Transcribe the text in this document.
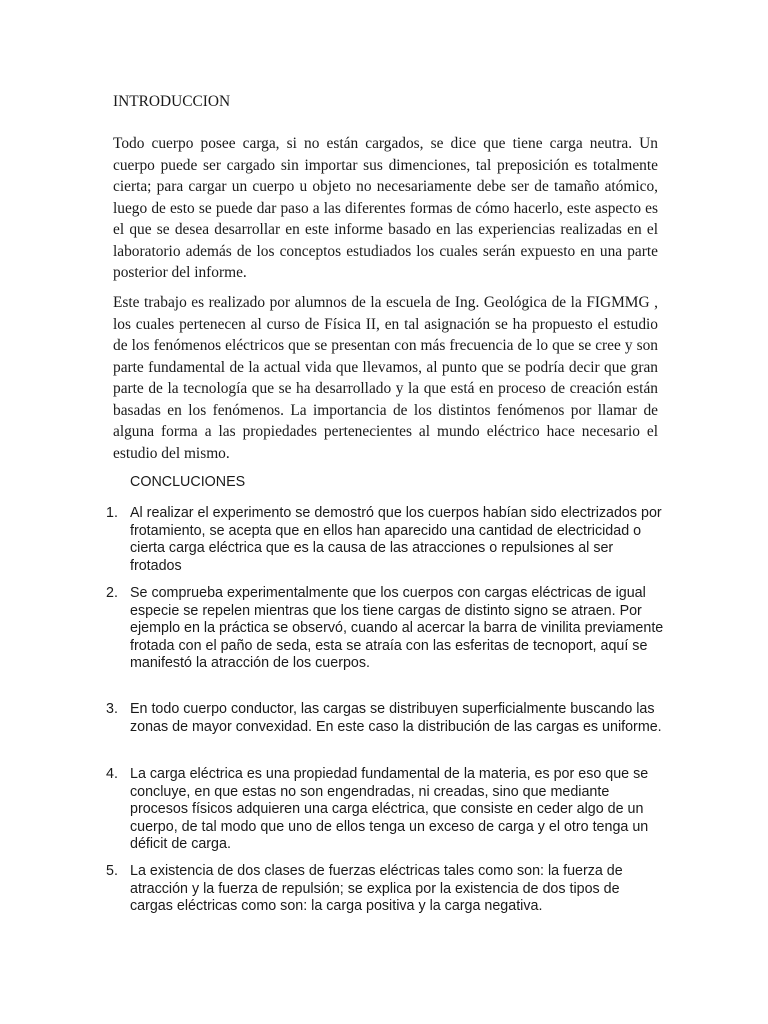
INTRODUCCION

Todo cuerpo posee carga, si no están cargados, se dice que tiene carga neutra. Un cuerpo puede ser cargado sin importar sus dimenciones, tal preposición es totalmente cierta; para cargar un cuerpo u objeto no necesariamente debe ser de tamaño atómico, luego de esto se puede dar paso a las diferentes formas de cómo hacerlo, este aspecto es el que se desea desarrollar en este informe basado en las experiencias realizadas en el laboratorio además de los conceptos estudiados los cuales serán expuesto en una parte posterior del informe.

Este trabajo es realizado por alumnos de la escuela de Ing. Geológica de la FIGMMG , los cuales pertenecen al curso de Física II, en tal asignación se ha propuesto el estudio de los fenómenos eléctricos que se presentan con más frecuencia de lo que se cree y son parte fundamental de la actual vida que llevamos, al punto que se podría decir que gran parte de la tecnología que se ha desarrollado y la que está en proceso de creación están basadas en los fenómenos. La importancia de los distintos fenómenos por llamar de alguna forma a las propiedades pertenecientes al mundo eléctrico hace necesario el estudio del mismo.

CONCLUCIONES
1. Al realizar el experimento se demostró que los cuerpos habían sido electrizados por frotamiento, se acepta que en ellos han aparecido una cantidad de electricidad o cierta carga eléctrica que es la causa de las atracciones o repulsiones al ser frotados
2. Se comprueba experimentalmente que los cuerpos con cargas eléctricas de igual especie se repelen mientras que los tiene cargas de distinto signo se atraen. Por ejemplo en la práctica se observó, cuando al acercar la barra de vinilita previamente frotada con el paño de seda, esta se atraía con las esferitas de tecnoport, aquí se manifestó la atracción de los cuerpos.
3. En todo cuerpo conductor, las cargas se distribuyen superficialmente buscando las zonas de mayor convexidad. En este caso la distribución de las cargas es uniforme.
4. La carga eléctrica es una propiedad fundamental de la materia, es por eso que se concluye, en que estas no son engendradas, ni creadas, sino que mediante procesos físicos adquieren una carga eléctrica, que consiste en ceder algo de un cuerpo, de tal modo que uno de ellos tenga un exceso de carga y el otro tenga un déficit de carga.
5. La existencia de dos clases de fuerzas eléctricas tales como son: la fuerza de atracción y la fuerza de repulsión; se explica por la existencia de dos tipos de cargas eléctricas como son: la carga positiva y la carga negativa.
